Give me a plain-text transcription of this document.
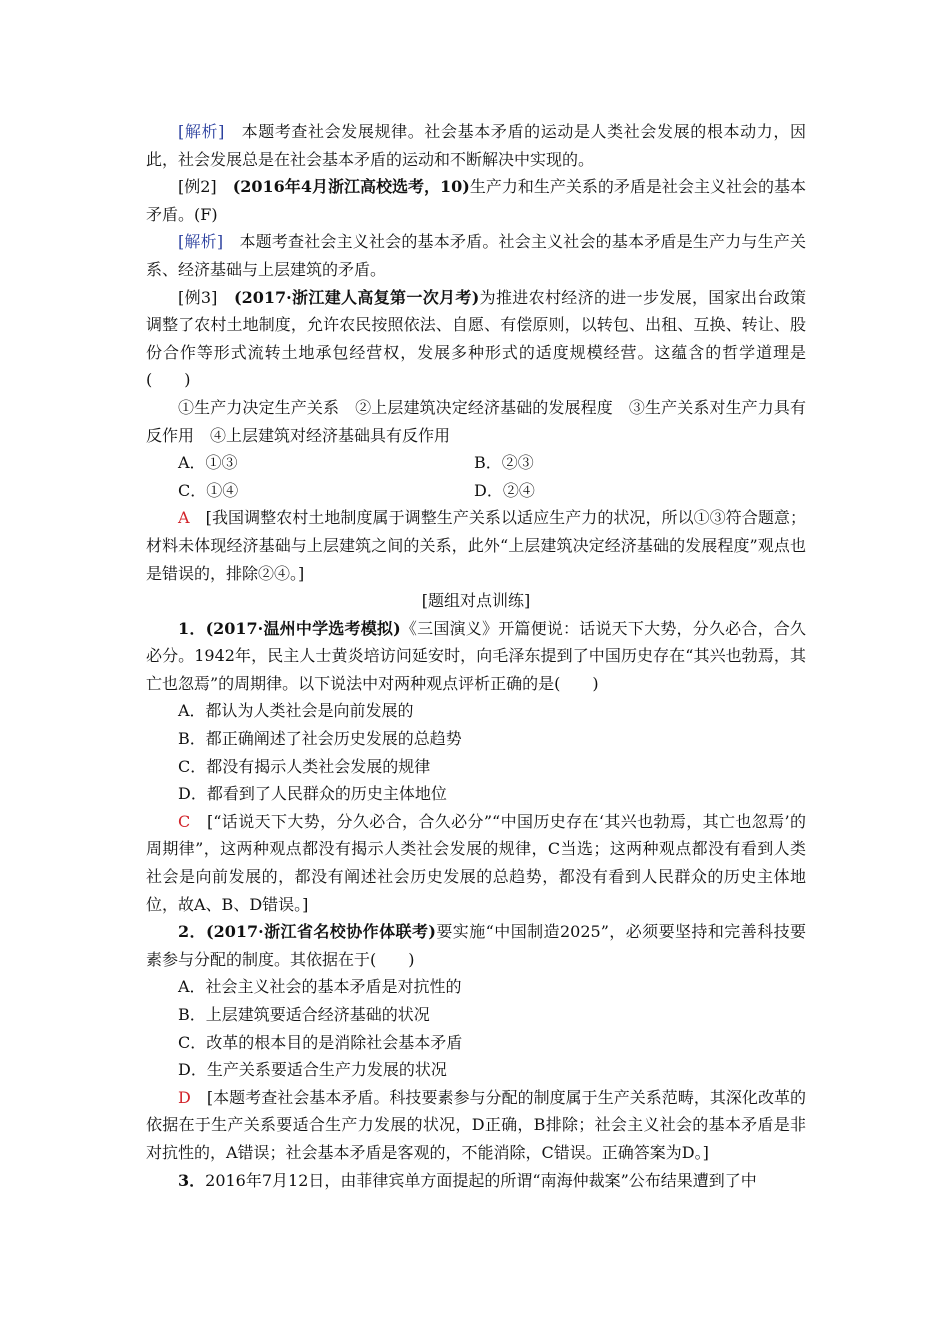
[解析]　本题考查社会发展规律。社会基本矛盾的运动是人类社会发展的根本动力，因此，社会发展总是在社会基本矛盾的运动和不断解决中实现的。

[例2]　(2016年4月浙江高校选考，10)生产力和生产关系的矛盾是社会主义社会的基本矛盾。(F)

[解析]　本题考查社会主义社会的基本矛盾。社会主义社会的基本矛盾是生产力与生产关系、经济基础与上层建筑的矛盾。

[例3]　(2017·浙江建人高复第一次月考)为推进农村经济的进一步发展，国家出台政策调整了农村土地制度，允许农民按照依法、自愿、有偿原则，以转包、出租、互换、转让、股份合作等形式流转土地承包经营权，发展多种形式的适度规模经营。这蕴含的哲学道理是(　　)

①生产力决定生产关系　②上层建筑决定经济基础的发展程度　③生产关系对生产力具有反作用　④上层建筑对经济基础具有反作用

A．①③	B．②③
C．①④	D．②④

A　[我国调整农村土地制度属于调整生产关系以适应生产力的状况，所以①③符合题意；材料未体现经济基础与上层建筑之间的关系，此外“上层建筑决定经济基础的发展程度”观点也是错误的，排除②④。]

[题组对点训练]

1．(2017·温州中学选考模拟)《三国演义》开篇便说：话说天下大势，分久必合，合久必分。1942年，民主人士黄炎培访问延安时，向毛泽东提到了中国历史存在“其兴也勃焉，其亡也忽焉”的周期律。以下说法中对两种观点评析正确的是(　　)

A．都认为人类社会是向前发展的

B．都正确阐述了社会历史发展的总趋势

C．都没有揭示人类社会发展的规律

D．都看到了人民群众的历史主体地位

C　[“话说天下大势，分久必合，合久必分”“中国历史存在‘其兴也勃焉，其亡也忽焉’的周期律”，这两种观点都没有揭示人类社会发展的规律，C当选；这两种观点都没有看到人类社会是向前发展的，都没有阐述社会历史发展的总趋势，都没有看到人民群众的历史主体地位，故A、B、D错误。]

2．(2017·浙江省名校协作体联考)要实施“中国制造2025”，必须要坚持和完善科技要素参与分配的制度。其依据在于(　　)

A．社会主义社会的基本矛盾是对抗性的

B．上层建筑要适合经济基础的状况

C．改革的根本目的是消除社会基本矛盾

D．生产关系要适合生产力发展的状况

D　[本题考查社会基本矛盾。科技要素参与分配的制度属于生产关系范畴，其深化改革的依据在于生产关系要适合生产力发展的状况，D正确，B排除；社会主义社会的基本矛盾是非对抗性的，A错误；社会基本矛盾是客观的，不能消除，C错误。正确答案为D。]

3．2016年7月12日，由菲律宾单方面提起的所谓“南海仲裁案”公布结果遭到了中
